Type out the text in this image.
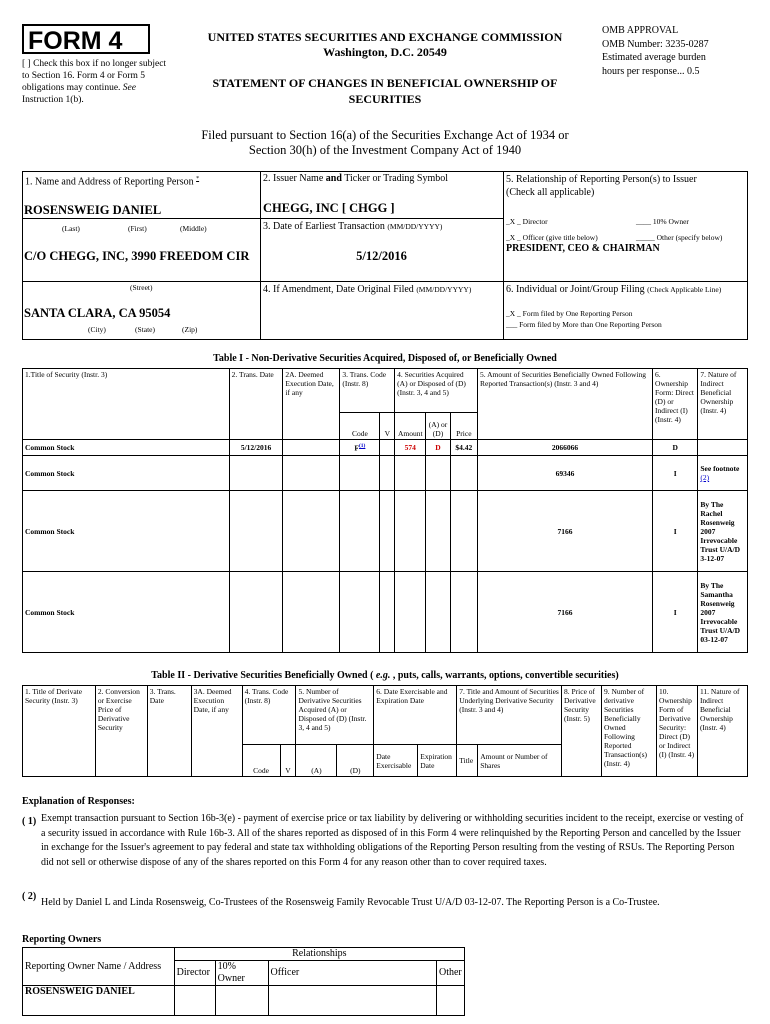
FORM 4
[ ] Check this box if no longer subject to Section 16. Form 4 or Form 5 obligations may continue. See Instruction 1(b).
UNITED STATES SECURITIES AND EXCHANGE COMMISSION
Washington, D.C. 20549
STATEMENT OF CHANGES IN BENEFICIAL OWNERSHIP OF SECURITIES
OMB APPROVAL
OMB Number: 3235-0287
Estimated average burden
hours per response... 0.5
Filed pursuant to Section 16(a) of the Securities Exchange Act of 1934 or
Section 30(h) of the Investment Company Act of 1940
1. Name and Address of Reporting Person *
ROSENSWEIG DANIEL
(Last)	(First)	(Middle)
C/O CHEGG, INC, 3990 FREEDOM CIR
(Street)
SANTA CLARA, CA 95054
(City)	(State)	(Zip)
2. Issuer Name and Ticker or Trading Symbol
CHEGG, INC [ CHGG ]
3. Date of Earliest Transaction (MM/DD/YYYY)
5/12/2016
4. If Amendment, Date Original Filed (MM/DD/YYYY)
5. Relationship of Reporting Person(s) to Issuer
(Check all applicable)
_X _ Director	____ 10% Owner
_X _ Officer (give title below)	_____ Other (specify below)
PRESIDENT, CEO & CHAIRMAN
6. Individual or Joint/Group Filing (Check Applicable Line)
_X _ Form filed by One Reporting Person
___ Form filed by More than One Reporting Person
Table I - Non-Derivative Securities Acquired, Disposed of, or Beneficially Owned
1.Title of Security (Instr. 3)	2. Trans. Date	2A. Deemed Execution Date, if any	3. Trans. Code (Instr. 8)		4. Securities Acquired (A) or Disposed of (D) (Instr. 3, 4 and 5)			5. Amount of Securities Beneficially Owned Following Reported Transaction(s) (Instr. 3 and 4)	6. Ownership Form: Direct (D) or Indirect (I) (Instr. 4)	7. Nature of Indirect Beneficial Ownership (Instr. 4)
			Code	V	Amount	(A) or (D)	Price			
Common Stock	5/12/2016		$F^{(1)}$		574	D	$4.42	2066066	D	
Common Stock								69346	I	See footnote
(2)
Common Stock								7166	I	By The Rachel Rosenweig 2007 Irrevocable Trust U/A/D 3-12-07
Common Stock								7166	I	By The Samantha Rosenweig 2007 Irrevocable Trust U/A/D 03-12-07
Table II - Derivative Securities Beneficially Owned ( e.g. , puts, calls, warrants, options, convertible securities)
1. Title of Derivate Security (Instr. 3)	2. Conversion or Exercise Price of Derivative Security	3. Trans. Date	3A. Deemed Execution Date, if any	4. Trans. Code (Instr. 8)		5. Number of Derivative Securities Acquired (A) or Disposed of (D) (Instr. 3, 4 and 5)		6. Date Exercisable and Expiration Date		7. Title and Amount of Securities Underlying Derivative Security (Instr. 3 and 4)		8. Price of Derivative Security (Instr. 5)	9. Number of derivative Securities Beneficially Owned Following Reported Transaction(s) (Instr. 4)	10. Ownership Form of Derivative Security: Direct (D) or Indirect (I) (Instr. 4)	11. Nature of Indirect Beneficial Ownership (Instr. 4)
				Code	V	(A)	(D)	Date Exercisable	Expiration Date	Title	Amount or Number of Shares				
Explanation of Responses:
( 1) Exempt transaction pursuant to Section 16b-3(e) - payment of exercise price or tax liability by delivering or withholding securities incident to the receipt, exercise or vesting of a security issued in accordance with Rule 16b-3. All of the shares reported as disposed of in this Form 4 were relinquished by the Reporting Person and cancelled by the Issuer in exchange for the Issuer's agreement to pay federal and state tax withholding obligations of the Reporting Person resulting from the vesting of RSUs. The Reporting Person did not sell or otherwise dispose of any of the shares reported on this Form 4 for any reason other than to cover required taxes.
( 2)
Held by Daniel L and Linda Rosensweig, Co-Trustees of the Rosensweig Family Revocable Trust U/A/D 03-12-07. The Reporting Person is a Co-Trustee.
Reporting Owners
Reporting Owner Name / Address	Relationships			
	Director	10% Owner	Officer	Other
ROSENSWEIG DANIEL				
